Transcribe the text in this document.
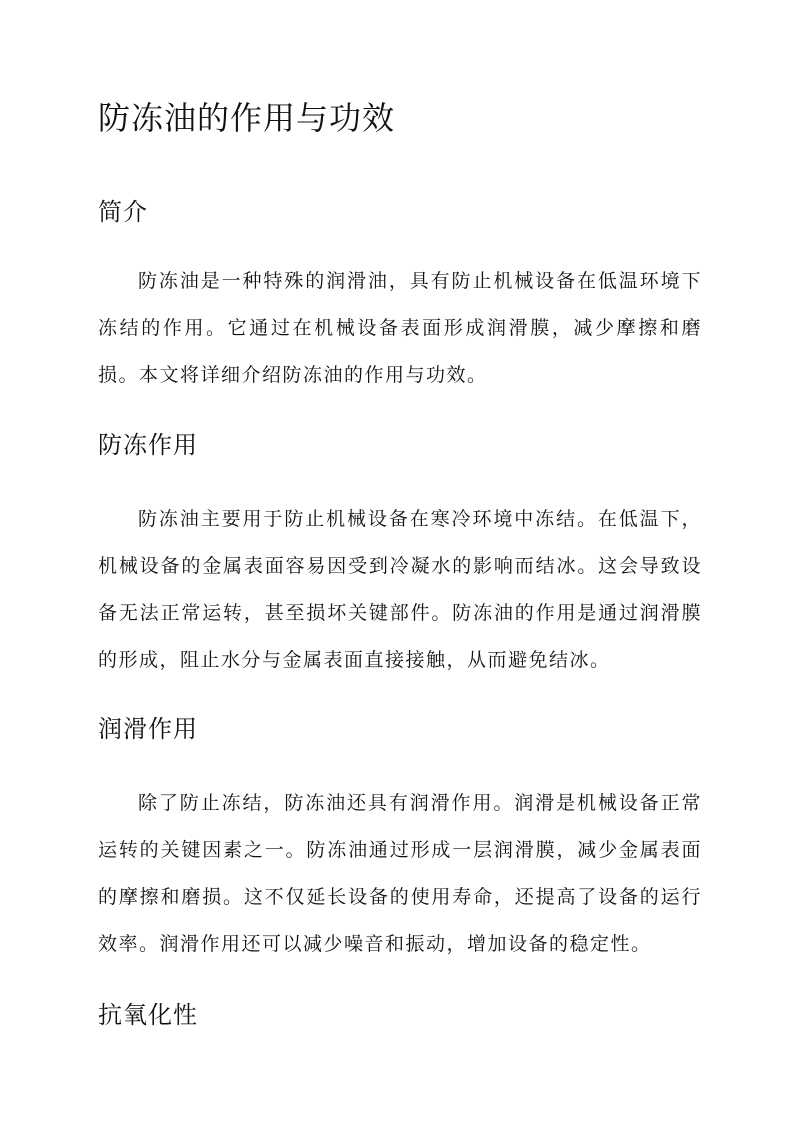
防冻油的作用与功效
简介

防冻油是一种特殊的润滑油，具有防止机械设备在低温环境下冻结的作用。它通过在机械设备表面形成润滑膜，减少摩擦和磨损。本文将详细介绍防冻油的作用与功效。

防冻作用

防冻油主要用于防止机械设备在寒冷环境中冻结。在低温下，机械设备的金属表面容易因受到冷凝水的影响而结冰。这会导致设备无法正常运转，甚至损坏关键部件。防冻油的作用是通过润滑膜的形成，阻止水分与金属表面直接接触，从而避免结冰。

润滑作用

除了防止冻结，防冻油还具有润滑作用。润滑是机械设备正常运转的关键因素之一。防冻油通过形成一层润滑膜，减少金属表面的摩擦和磨损。这不仅延长设备的使用寿命，还提高了设备的运行效率。润滑作用还可以减少噪音和振动，增加设备的稳定性。

抗氧化性
